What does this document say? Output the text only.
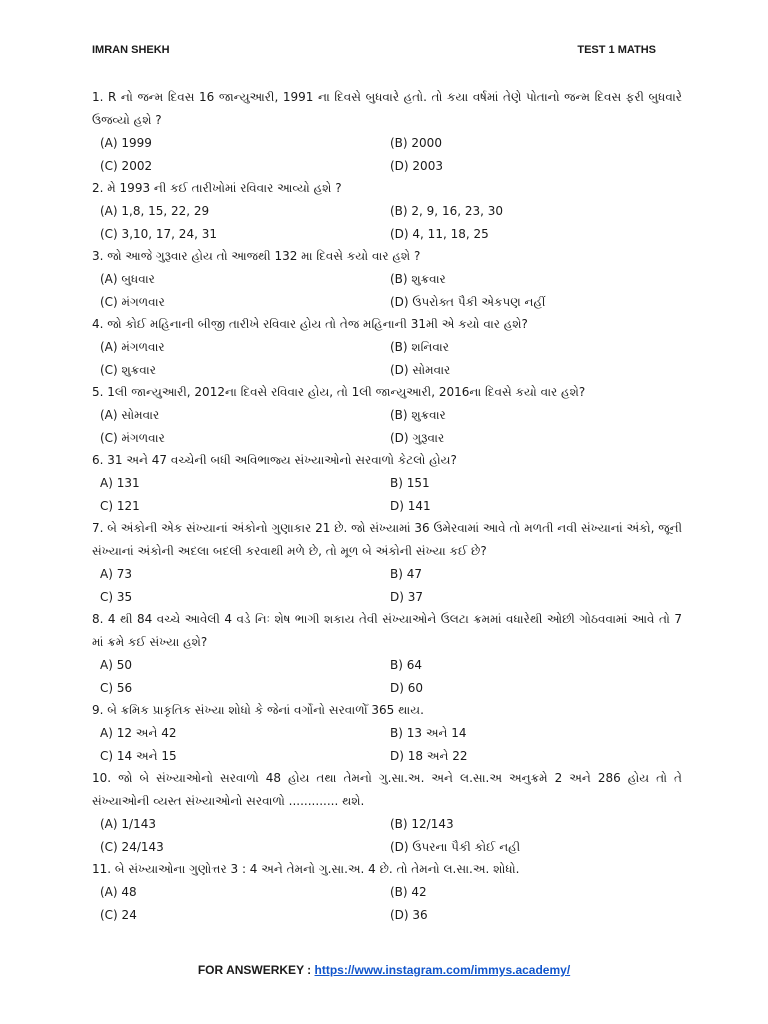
IMRAN SHEKH	TEST 1 MATHS
1. R નો જન્મ દિવસ 16 જાન્યુઆરી, 1991 ના દિવસે બુધવારે હતો. તો કયા વર્ષમાં તેણે પોતાનો જન્મ દિવસ ફરી બુધવારે ઉજવ્યો હશે ?
(A) 1999	(B) 2000
(C) 2002	(D) 2003
2. મે 1993 ની કઈ તારીખોમાં રવિવાર આવ્યો હશે ?
(A) 1,8, 15, 22, 29	(B) 2, 9, 16, 23, 30
(C) 3,10, 17, 24, 31	(D) 4, 11, 18, 25
3. જો આજે ગુરૂવાર હોય તો આજથી 132 મા દિવસે કયો વાર હશે ?
(A) બુધવાર	(B) શુક્રવાર
(C) મંગળવાર	(D) ઉપરોક્ત પૈકી એકપણ નહીં
4. જો કોઈ મહિનાની બીજી તારીખે રવિવાર હોય તો તેજ મહિનાની 31મી એ કયો વાર હશે?
(A) મંગળવાર	(B) શનિવાર
(C) શુક્રવાર	(D) સોમવાર
5. 1લી જાન્યુઆરી, 2012ના દિવસે રવિવાર હોય, તો 1લી જાન્યુઆરી, 2016ના દિવસે કયો વાર હશે?
(A) સોમવાર	(B) શુક્રવાર
(C) મંગળવાર	(D) ગુરૂવાર
6. 31 અને 47 વચ્ચેની બધી અવિભાજ્ય સંખ્યાઓનો સરવાળો કેટલો હોય?
A) 131	B) 151
C) 121	D) 141
7. બે અંકોની એક સંખ્યાનાં અંકોનો ગુણાકાર 21 છે. જો સંખ્યામાં 36 ઉમેરવામાં આવે તો મળતી નવી સંખ્યાનાં અંકો, જૂની સંખ્યાનાં અંકોની અદલા બદલી કરવાથી મળે છે, તો મૂળ બે અંકોની સંખ્યા કઈ છે?
A) 73	B) 47
C) 35	D) 37
8. 4 થી 84 વચ્ચે આવેલી 4 વડે નિઃ શેષ ભાગી શકાય તેવી સંખ્યાઓને ઉલટા ક્રમમાં વધારેથી ઓછી ગોઠવવામાં આવે તો 7 માં ક્રમે કઈ સંખ્યા હશે?
A) 50	B) 64
C) 56	D) 60
9. બે ક્રમિક પ્રાકૃતિક સંખ્યા શોધો કે જેનાં વર્ગોનો સરવાળોઁ 365 થાય.
A) 12 અને 42	B) 13 અને 14
C) 14 અને 15	D) 18 અને 22
10. જો બે સંખ્યાઓનો સરવાળો 48 હોય તથા તેમનો ગુ.સા.અ. અને લ.સા.અ અનુક્રમે 2 અને 286 હોય તો તે સંખ્યાઓની વ્યસ્ત સંખ્યાઓનો સરવાળો ............. થશે.
(A) 1/143	(B) 12/143
(C) 24/143	(D) ઉપરના પૈકી કોઈ નહી
11. બે સંખ્યાઓના ગુણોત્તર 3 : 4 અને તેમનો ગુ.સા.અ. 4 છે. તો તેમનો લ.સા.અ. શોધો.
(A) 48	(B) 42
(C) 24	(D) 36
FOR ANSWERKEY : https://www.instagram.com/immys.academy/
